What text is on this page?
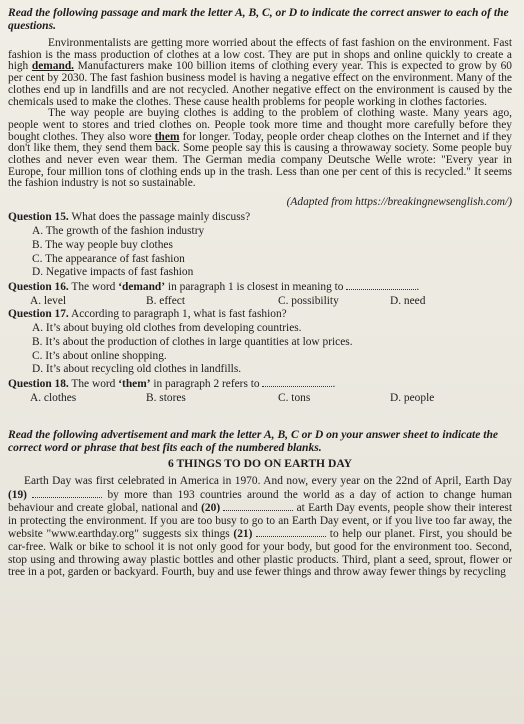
Read the following passage and mark the letter A, B, C, or D to indicate the correct answer to each of the questions.

Environmentalists are getting more worried about the effects of fast fashion on the environment. Fast fashion is the mass production of clothes at a low cost. They are put in shops and online quickly to create a high demand. Manufacturers make 100 billion items of clothing every year. This is expected to grow by 60 per cent by 2030. The fast fashion business model is having a negative effect on the environment. Many of the clothes end up in landfills and are not recycled. Another negative effect on the environment is caused by the chemicals used to make the clothes. These cause health problems for people working in clothes factories.

The way people are buying clothes is adding to the problem of clothing waste. Many years ago, people went to stores and tried clothes on. People took more time and thought more carefully before they bought clothes. They also wore them for longer. Today, people order cheap clothes on the Internet and if they don't like them, they send them back. Some people say this is causing a throwaway society. Some people buy clothes and never even wear them. The German media company Deutsche Welle wrote: "Every year in Europe, four million tons of clothing ends up in the trash. Less than one per cent of this is recycled." It seems the fashion industry is not so sustainable.

(Adapted from https://breakingnewsenglish.com/)

Question 15. What does the passage mainly discuss?

A. The growth of the fashion industry

B. The way people buy clothes

C. The appearance of fast fashion

D. Negative impacts of fast fashion

Question 16. The word ‘demand’ in paragraph 1 is closest in meaning to	.

A. level	B. effect	C. possibility	D. need

Question 17. According to paragraph 1, what is fast fashion?

A. It’s about buying old clothes from developing countries.

B. It’s about the production of clothes in large quantities at low prices.

C. It’s about online shopping.

D. It’s about recycling old clothes in landfills.

Question 18. The word ‘them’ in paragraph 2 refers to	.

A. clothes	B. stores	C. tons	D. people

Read the following advertisement and mark the letter A, B, C or D on your answer sheet to indicate the correct word or phrase that best fits each of the numbered blanks.

6 THINGS TO DO ON EARTH DAY

Earth Day was first celebrated in America in 1970. And now, every year on the 22nd of April, Earth Day (19)	by more than 193 countries around the world as a day of action to change human behaviour and create global, national and (20)	at Earth Day events, people show their interest in protecting the environment. If you are too busy to go to an Earth Day event, or if you live too far away, the website "www.earthday.org" suggests six things (21)	to help our planet. First, you should be car-free. Walk or bike to school it is not only good for your body, but good for the environment too. Second, stop using and throwing away plastic bottles and other plastic products. Third, plant a seed, sprout, flower or tree in a pot, garden or backyard. Fourth, buy and use fewer things and throw away fewer things by recycling
